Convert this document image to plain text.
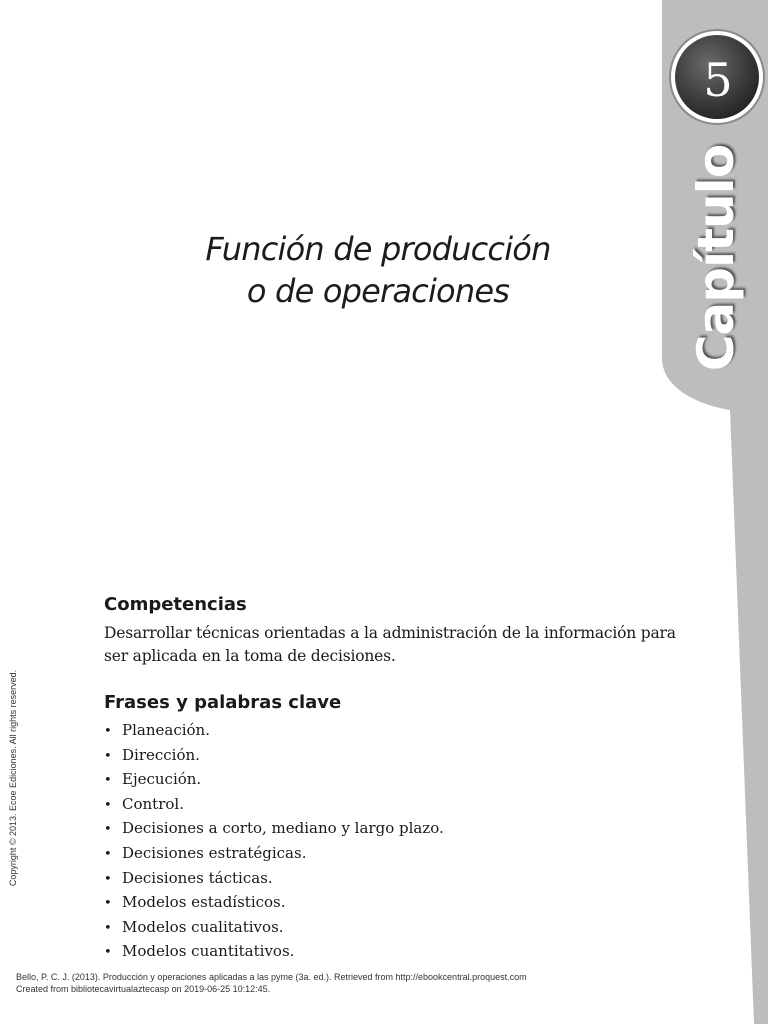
5
Capítulo
Función de producción
o de operaciones
Competencias

Desarrollar técnicas orientadas a la administración de la información para ser aplicada en la toma de decisiones.

Frases y palabras clave
• Planeación.
• Dirección.
• Ejecución.
• Control.
• Decisiones a corto, mediano y largo plazo.
• Decisiones estratégicas.
• Decisiones tácticas.
• Modelos estadísticos.
• Modelos cualitativos.
• Modelos cuantitativos.
Copyright © 2013. Ecoe Ediciones. All rights reserved.
Bello, P. C. J. (2013). Producción y operaciones aplicadas a las pyme (3a. ed.). Retrieved from http://ebookcentral.proquest.com
Created from bibliotecavirtualaztecasp on 2019-06-25 10:12:45.
